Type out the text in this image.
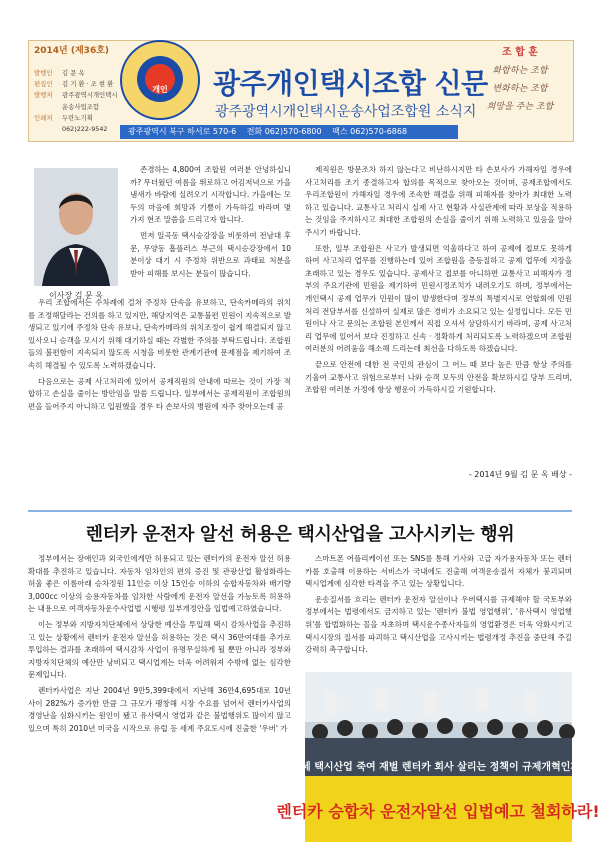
2014년 (제36호)
발행인 김 문 옥
편집인 김 기 환 · 조 현 환
발행처 광주광역시개인택시
운송사업조합
인쇄처 두란노기획
062)222-9542
개인	광주개인택시조합 신문
광주광역시개인택시운송사업조합원 소식지
광주광역시 북구 하서로 570-6 전화 062)570-6800 팩스 062)570-6868
조 합 훈
화합하는 조합
변화하는 조합
희망을 주는 조합
이사장 김 문 옥

존경하는 4,800여 조합원 여러분 안녕하십니까? 무더웠던 여름을 뛰로하고 어김저녁으로 가을 냄새가 바람에 실려오기 시작합니다. 가을에는 모두의 마음에 희망과 기쁨이 가득하길 바라며 몇 가지 현조 말씀을 드리고자 합니다.

먼저 일곡동 택시승강장을 비롯하여 전남대 후문, 무양동 흡플러스 부근의 택시승강장에서 10분이상 대기 시 주정차 위반으로 과태료 처분을 받아 피해를 보시는 분들이 많습니다.

우리 조합에서는 수차례에 걸쳐 주정차 단속을 유보하고, 단속카메라의 위치를 조정해달라는 건의를 하고 있지만, 해당지역은 교통불편 민원이 지속적으로 발생되고 있기에 주정차 단속 유보나, 단속카메라의 위치조정이 쉽게 해결되지 않고 있사오니 승객을 모시기 위해 대기하실 때는 각별한 주의를 부탁드립니다. 조합원들의 불편함이 지속되지 않도록 시청을 비롯한 관계기관에 문제점을 제기하여 조속히 해결될 수 있도록 노력하겠습니다.

다음으로는 공제 사고처리에 있어서 공제직원의 안내에 따르는 것이 가장 적합하고 손실을 줄이는 방안임을 말씀 드립니다. 일부에서는 공제직원이 조합원의 편을 들어주지 아니하고 입원했을 경우 타 손보사의 병원에 자주 찾아오는데 공

제직원은 방문조차 하지 않는다고 비난하시지만 타 손보사가 가해자일 경우에 사고처리를 조기 종결하고자 합의를 목적으로 찾아오는 것이며, 공제조합에서도 우리조합원이 가해자일 경우에 조속한 해결을 위해 피해자를 찾아가 최대한 노력하고 있습니다. 교통사고 처리시 실제 사고 현황과 사실관계에 따라 보상을 적용하는 것임을 주지하시고 최대한 조합원의 손실을 줄이기 위해 노력하고 있음을 알아주시기 바랍니다.

또한, 일부 조합원은 사고가 발생되면 억울하다고 하여 공제에 접보도 못하게 하여 사고처리 업무를 진행하는데 있어 조합원을 층등질하고 공제 업무에 지장을 초래하고 있는 경우도 있습니다. 공제사고 접보를 아니하면 교통사고 피해자가 정부의 주요기관에 민원을 제기하여 민원시정조치가 내려오기도 하며, 정부에서는 개인택시 공제 업무가 민원이 많이 발생한다며 정부의 특별지시로 연합회에 민원처리 전담부서를 신설하여 실제로 많은 경비가 소요되고 있는 실정입니다. 모든 민원이나 사고 문의는 조합원 본인께서 직접 오셔서 상담하시기 바라며, 공제 사고처리 업무에 있어서 보다 진정하고 신속 · 정확하게 처리되도록 노력하겠으며 조합원 여러분의 어려움을 해소해 드리는데 최선을 다하도록 하겠습니다.

끝으로 안전에 대한 전 국민의 관심이 그 어느 때 보다 높은 만큼 항상 주의를 기울여 교통사고 위험으로부터 나와 승객 모두의 안전을 확보하시길 당부 드리며, 조합원 여러분 가정에 항상 행운이 가득하시길 기원합니다.

- 2014년 9월 김 문 옥 배상 -
렌터카 운전자 알선 허용은 택시산업을 고사시키는 행위

정부에서는 장애인과 외국인에게만 허용되고 있는 렌터카의 운전자 알선 허용 확대를 추진하고 있습니다. 자동차 임차인의 편의 증진 및 관광산업 활성화라는 허울 좋은 이름아래 승차정원 11인승 이상 15인승 이하의 승합자동차와 배기량 3,000cc 이상의 승용자동차를 임차한 사람에게 운전자 알선을 가능토록 허용하는 내용으로 여객자동차운수사업법 시행령 일부개정안을 입법예고하였습니다.

이는 정부와 지방자치단체에서 상당한 예산을 투입해 택시 감차사업을 추진하고 있는 상황에서 렌터카 운전자 알선을 허용하는 것은 택시 36만여대를 추가로 투입하는 결과를 초래하여 택시감차 사업이 유명무실하게 될 뿐만 아니라 정부와 지방자치단체의 예산만 낭비되고 택시업계는 더욱 어려워져 수밖에 없는 심각한 문제입니다.

렌터카사업은 지난 2004년 9만5,399대에서 지난해 36만4,695대로 10년 사이 282%가 증가한 만큼 그 규모가 팽창해 시장 수요를 넘어서 렌터카사업의 경영난을 심화시키는 원인이 됐고 유사택시 영업과 같은 불법행위도 많이지 않고 있으며 특히 2010년 미국을 시작으로 유럽 등 세계 주요도시에 진출한 '우버' 가

스마트폰 어플리케이션 또는 SNS를 통해 기사와 고급 자가용자동차 또는 렌터카를 호출해 이용하는 서비스가 국내에도 진출해 여객운송질서 자체가 붕괴되며 택시업계에 심각한 타격을 주고 있는 상황입니다.

운송질서를 흐리는 렌터카 운전자 알선이나 우버택시를 규제해야 할 국토부와 정부에서는 법령에서도 금지하고 있는 '렌터카 불법 영업행위', '유사택시 영업행위'를 합법화하는 꼴을 자초하며 택시운수종사자들의 영업환경은 더욱 악화시키고 택시시장의 질서를 파괴하고 택시산업을 고사시키는 법령개정 추진을 중단해 주길 강력히 촉구합니다.

영세 택시산업 죽여 재벌 렌터카 회사 살리는 정책이 규제개혁인가!
렌터카 승합차 운전자알선 입법예고 철회하라!
